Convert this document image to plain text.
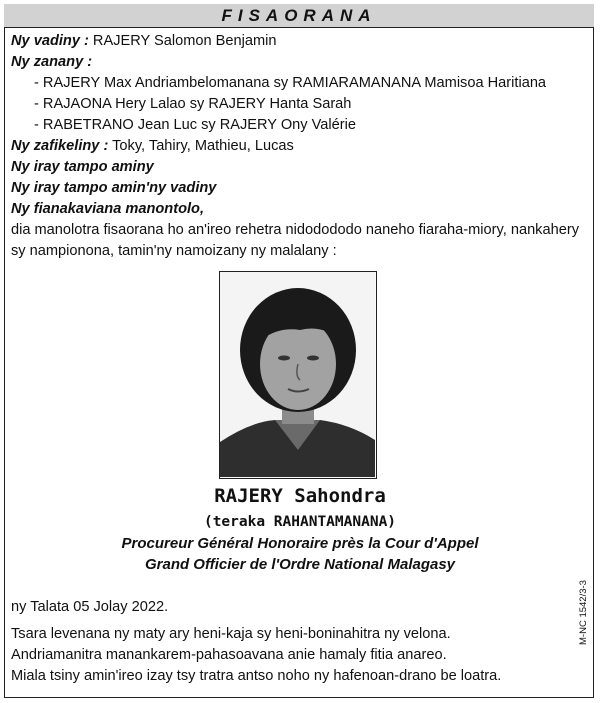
FISAORANA

Ny vadiny : RAJERY Salomon Benjamin

Ny zanany :

- RAJERY Max Andriambelomanana sy RAMIARAMANANA Mamisoa Haritiana

- RAJAONA Hery Lalao sy RAJERY Hanta Sarah

- RABETRANO Jean Luc sy RAJERY Ony Valérie

Ny zafikeliny : Toky, Tahiry, Mathieu, Lucas

Ny iray tampo aminy

Ny iray tampo amin'ny vadiny

Ny fianakaviana manontolo,

dia manolotra fisaorana ho an'ireo rehetra nidodododo naneho fiaraha-miory, nankahery sy nampionona, tamin'ny namoizany ny malalany :

RAJERY Sahondra
(teraka RAHANTAMANANA)
Procureur Général Honoraire près la Cour d'Appel
Grand Officier de l'Ordre National Malagasy
ny Talata 05 Jolay 2022.

Tsara levenana ny maty ary heni-kaja sy heni-boninahitra ny velona.

Andriamanitra manankarem-pahasoavana anie hamaly fitia anareo.

Miala tsiny amin'ireo izay tsy tratra antso noho ny hafenoan-drano be loatra.

M-NC 1542/3-3
